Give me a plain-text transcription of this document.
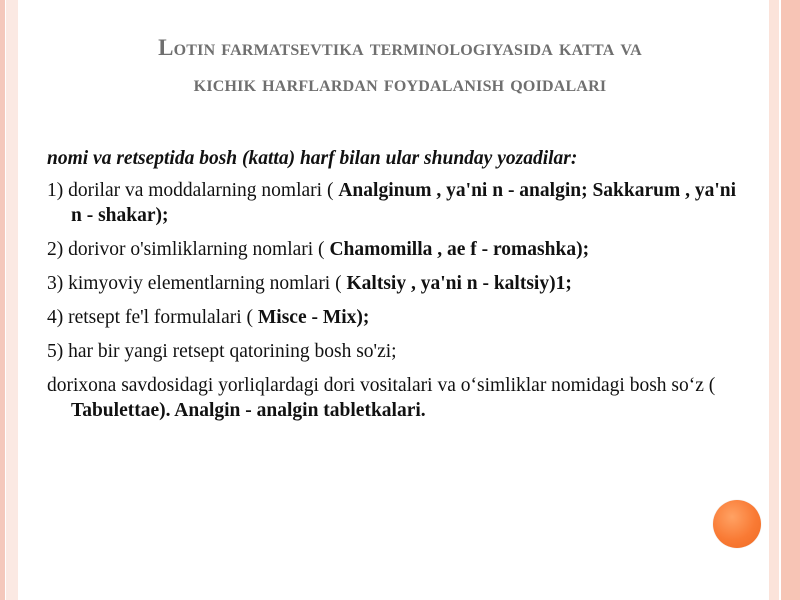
Lotin farmatsevtika terminologiyasida katta va
kichik harflardan foydalanish qoidalari
nomi va retseptida bosh (katta) harf bilan ular shunday yozadilar:
1) dorilar va moddalarning nomlari ( Analginum , ya'ni n - analgin; Sakkarum , ya'ni n - shakar);
2) dorivor o'simliklarning nomlari ( Chamomilla , ae f - romashka);
3) kimyoviy elementlarning nomlari ( Kaltsiy , ya'ni n - kaltsiy)1;
4) retsept fe'l formulalari ( Misce - Mix);
5) har bir yangi retsept qatorining bosh so'zi;
dorixona savdosidagi yorliqlardagi dori vositalari va o‘simliklar nomidagi bosh so‘z ( Tabulettae). Analgin - analgin tabletkalari.
